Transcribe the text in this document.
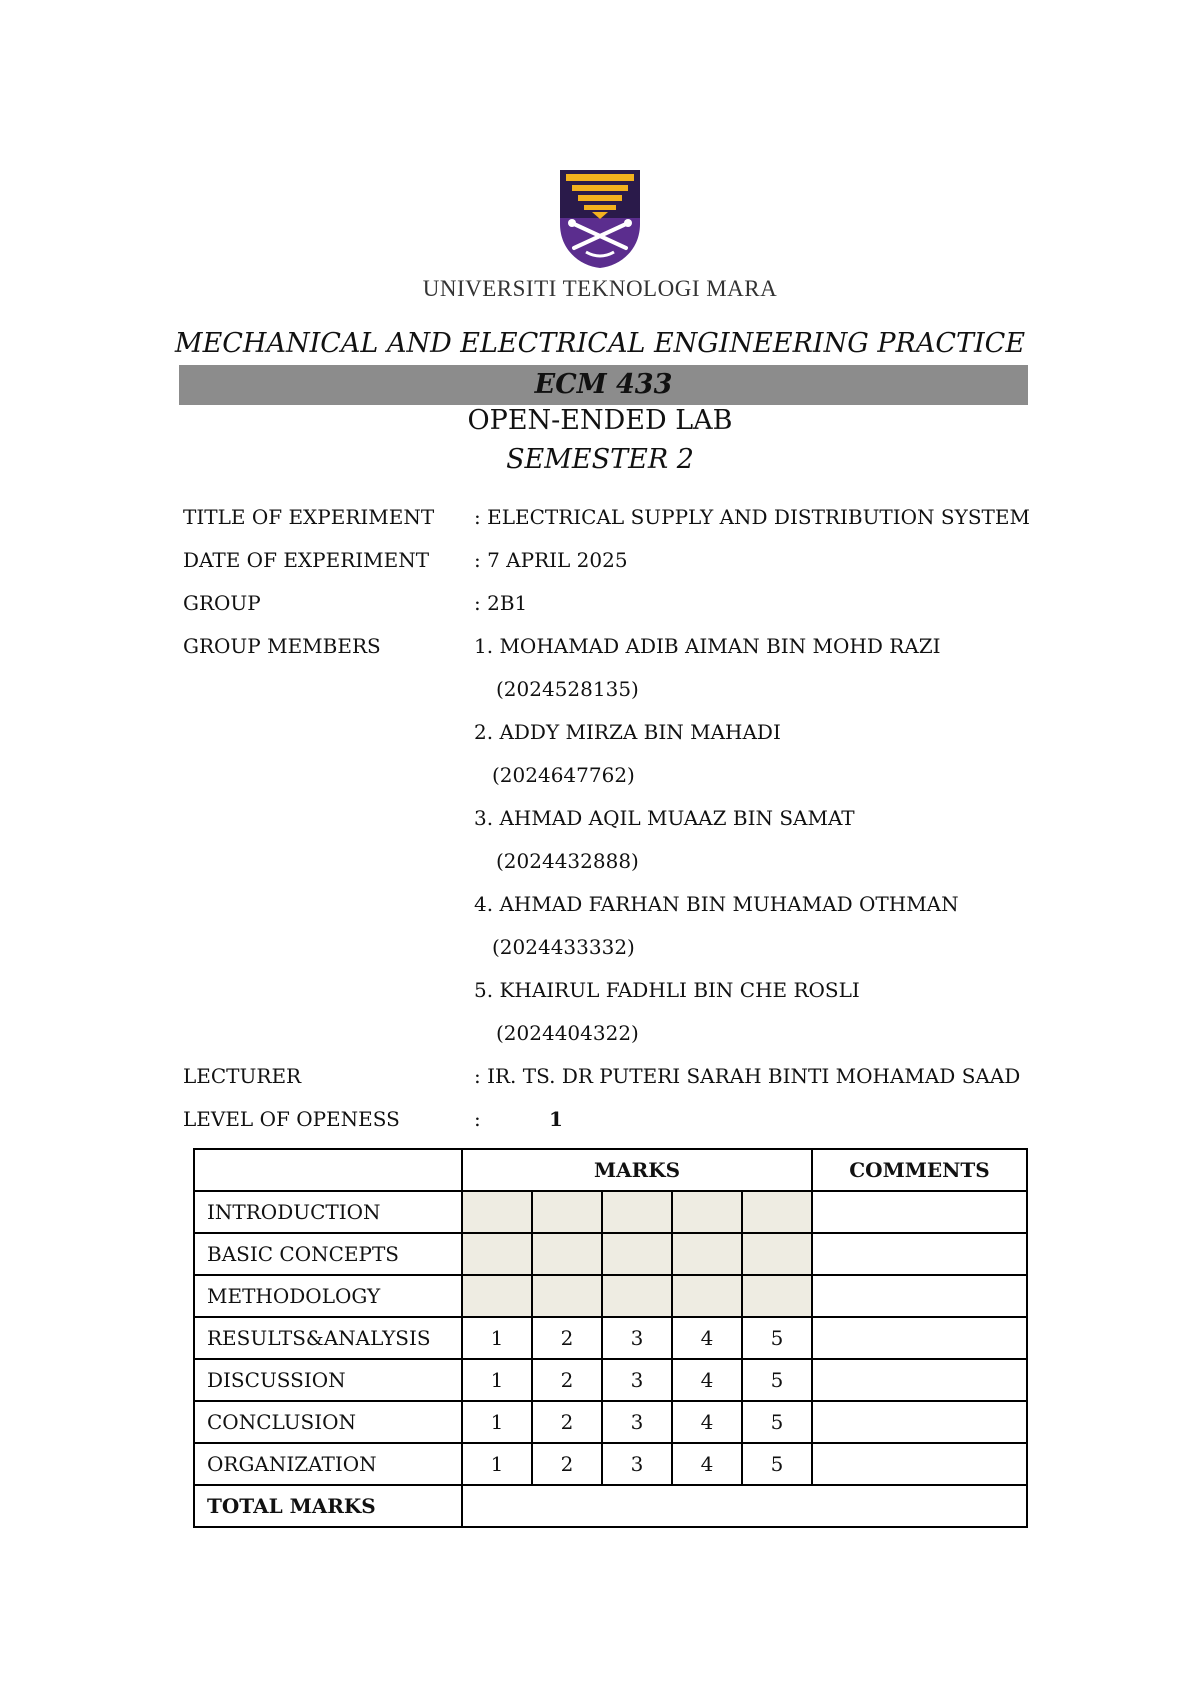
UNIVERSITI TEKNOLOGI MARA
MECHANICAL AND ELECTRICAL ENGINEERING PRACTICE
ECM 433
OPEN-ENDED LAB
SEMESTER 2
TITLE OF EXPERIMENT : ELECTRICAL SUPPLY AND DISTRIBUTION SYSTEM
DATE OF EXPERIMENT : 7 APRIL 2025
GROUP	: 2B1
GROUP MEMBERS	1. MOHAMAD ADIB AIMAN BIN MOHD RAZI
(2024528135)
2. ADDY MIRZA BIN MAHADI
(2024647762)
3. AHMAD AQIL MUAAZ BIN SAMAT
(2024432888)
4. AHMAD FARHAN BIN MUHAMAD OTHMAN
(2024433332)
5. KHAIRUL FADHLI BIN CHE ROSLI
(2024404322)
LECTURER	: IR. TS. DR PUTERI SARAH BINTI MOHAMAD SAAD
LEVEL OF OPENESS	:	1
	MARKS					COMMENTS
INTRODUCTION						
BASIC CONCEPTS						
METHODOLOGY						
RESULTS&ANALYSIS	1	2	3	4	5	
DISCUSSION	1	2	3	4	5	
CONCLUSION	1	2	3	4	5	
ORGANIZATION	1	2	3	4	5	
TOTAL MARKS						
